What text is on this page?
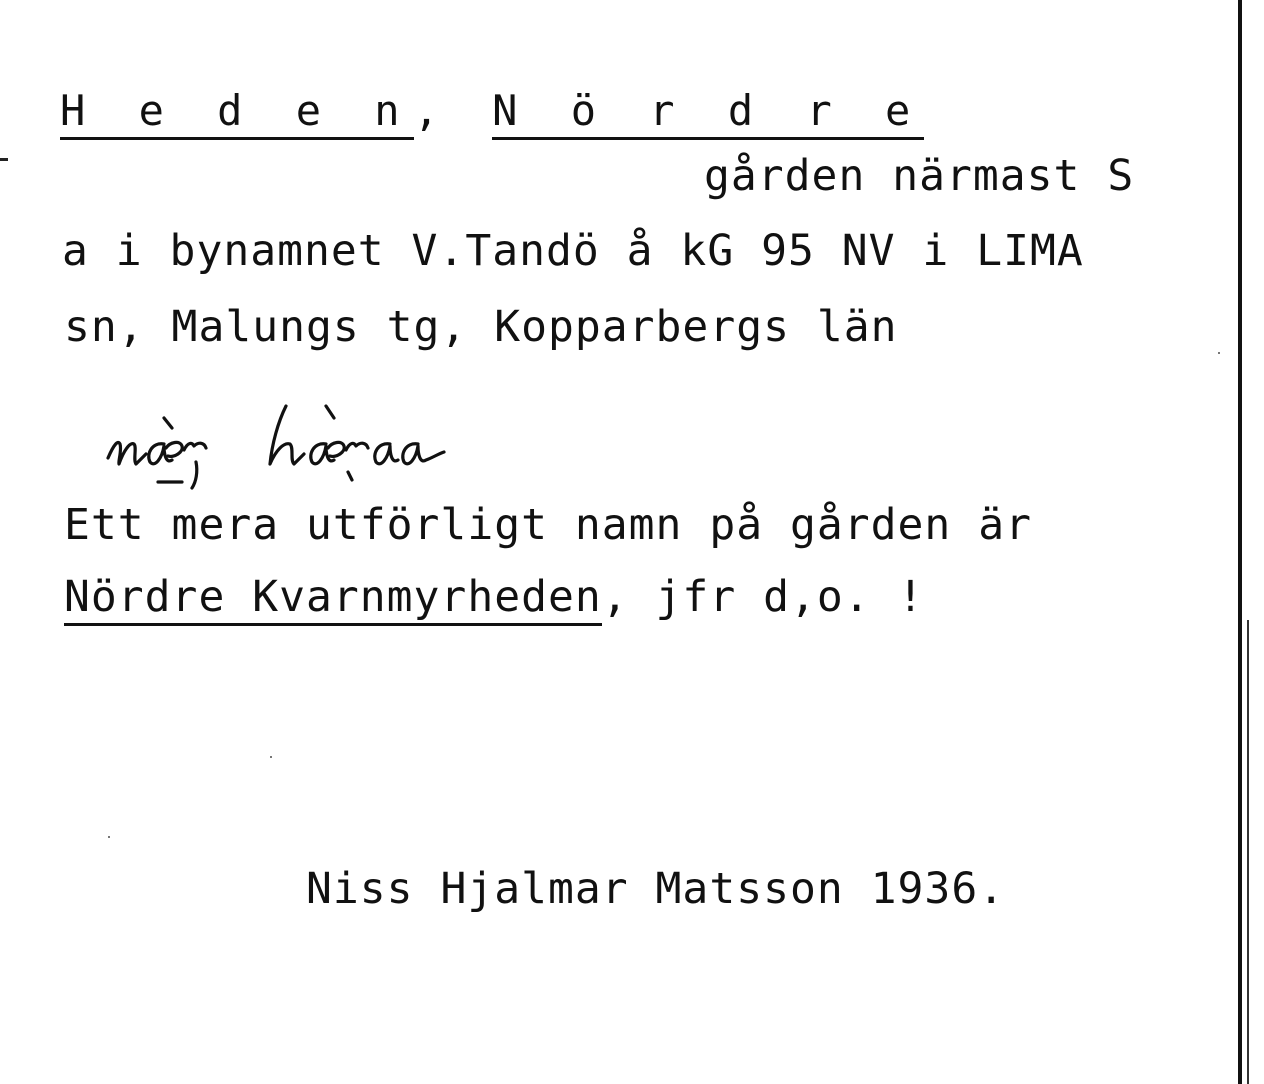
H e d e n, N ö r d r e
gården närmast S
a i bynamnet V.Tandö å kG 95 NV i LIMA
sn, Malungs tg, Kopparbergs län
Ett mera utförligt namn på gården är
Nördre Kvarnmyrheden, jfr d,o. !
Niss Hjalmar Matsson 1936.
